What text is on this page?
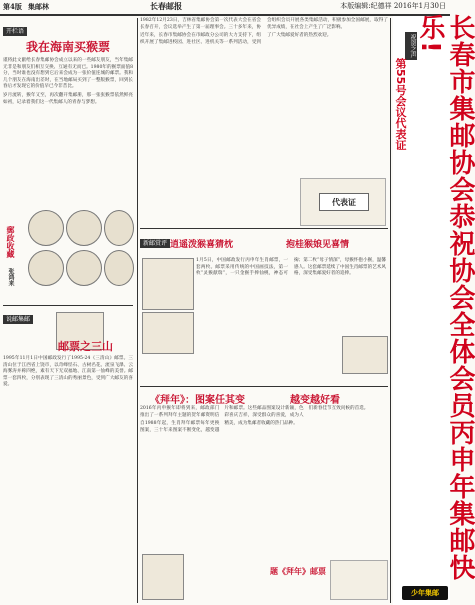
第4版 集邮林	长春邮报	本版编辑:纪德祥 2016年1月30日
开栏语
我在海南买猴票
谨将此文献给长春集邮协会成立以来的一些邮友朋友，当年集邮无非是和朋友们相互交换、互通有无而已。1980年的猴票面值8分，当时谁也没有想到它后来会成为一张价值连城的邮票。我和几个朋友在海南出差时，在当地邮局买到了一整版猴票，回到长春后才发现它的价值早已今非昔比。
岁月流转，猴年又至，再次翻开集邮册，那一张张猴票依然鲜亮如初，记录着我们这一代集邮人的青春与梦想。
郵政收藏
张鸿来
说邮集邮
邮票之三山
1995年11月1日中国邮政发行了1995-24《三清山》邮票。三清山位于江西省上饶市，以奇峰怪石、古树名花、流泉飞瀑、云海雾涛并称四绝，素有天下无双福地、江南第一仙峰的美誉。邮票一套四枚，分别表现了三清山的秀丽景色，受到广大邮友的喜爱。
1982年12月23日，吉林省集邮协会第一次代表大会在省会长春召开，会议选举产生了第一届理事会。三十多年来，协会组织会员开展各类集邮活动，积极参加全国邮展，取得了优异成绩，在社会上产生了广泛影响。
近年来，长春市集邮协会在市邮政分公司的大力支持下，组织开展了集邮进校园、进社区、进机关等一系列活动，受到了广大集邮爱好者的热烈欢迎。
代表证
新邮赏评 逍遥泼猴喜猜枕	抱桂猴娘见喜情
1月5日，中国邮政发行丙申年生肖邮票，一套两枚。邮票采用传统的中国画技法，第一枚“灵猴献瑞”，一只金猴手捧仙桃，神态可掬；第二枚“母子情深”，母猴怀抱小猴，温馨感人。这套邮票延续了中国生肖邮票的艺术风格，深受集邮爱好者的追捧。
《拜年》：图案任其变	越变越好看
2016年丙申猴年即将到来，邮政部门推出了一系列拜年主题的贺年邮资明信片和邮票。这些邮品图案设计新颖，色彩喜庆吉祥，深受群众的喜爱，成为人们新春佳节互致问候的首选。
自1988年起，生肖拜年邮票每年更换图案，三十年来图案不断变化，越变越精美，成为集邮者收藏的热门品种。
题《拜年》邮票
祝贺之声
第55号会议代表证	长春市集邮协会恭祝协会全体会员丙申年集邮快乐!
少年集邮
